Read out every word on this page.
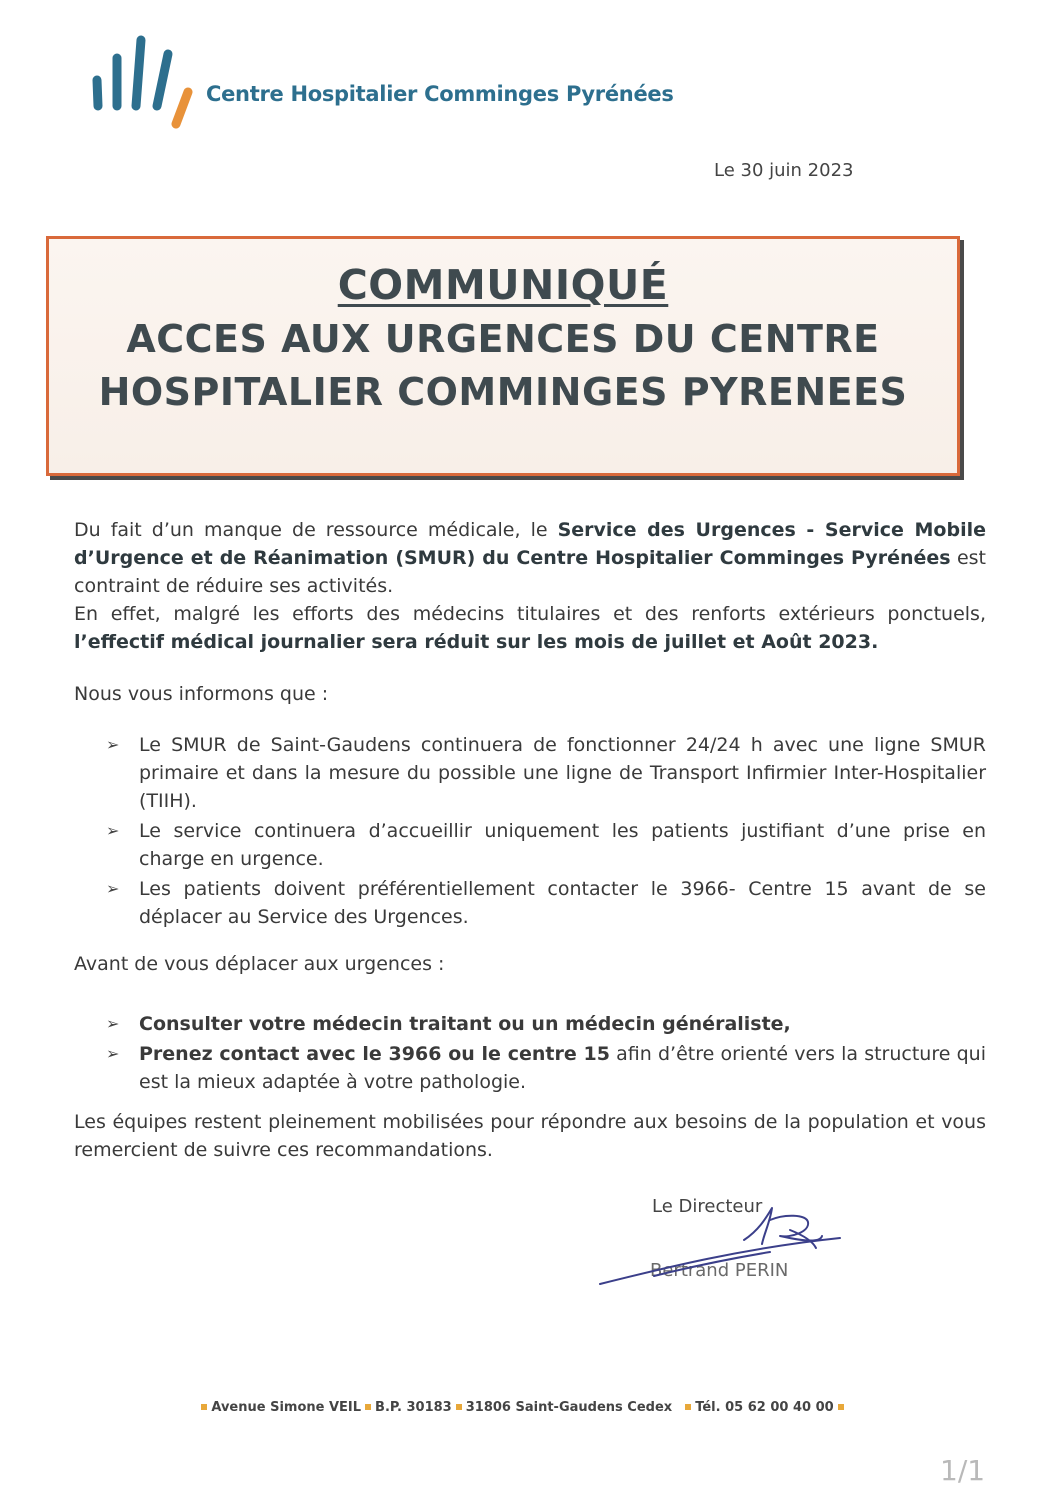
Centre Hospitalier Comminges Pyrénées
Le 30 juin 2023
COMMUNIQUÉ
ACCES AUX URGENCES DU CENTRE HOSPITALIER COMMINGES PYRENEES
Du fait d’un manque de ressource médicale, le Service des Urgences - Service Mobile d’Urgence et de Réanimation (SMUR) du Centre Hospitalier Comminges Pyrénées est contraint de réduire ses activités.
En effet, malgré les efforts des médecins titulaires et des renforts extérieurs ponctuels, l’effectif médical journalier sera réduit sur les mois de juillet et Août 2023.
Nous vous informons que :
➢ Le SMUR de Saint-Gaudens continuera de fonctionner 24/24 h avec une ligne SMUR primaire et dans la mesure du possible une ligne de Transport Infirmier Inter-Hospitalier (TIIH).
➢ Le service continuera d’accueillir uniquement les patients justifiant d’une prise en charge en urgence.
➢ Les patients doivent préférentiellement contacter le 3966- Centre 15 avant de se déplacer au Service des Urgences.
Avant de vous déplacer aux urgences :
➢ Consulter votre médecin traitant ou un médecin généraliste,
➢ Prenez contact avec le 3966 ou le centre 15 afin d’être orienté vers la structure qui est la mieux adaptée à votre pathologie.
Les équipes restent pleinement mobilisées pour répondre aux besoins de la population et vous remercient de suivre ces recommandations.
Le Directeur
Bertrand PERIN
Avenue Simone VEIL B.P. 30183 31806 Saint-Gaudens Cedex Tél. 05 62 00 40 00
1/1
